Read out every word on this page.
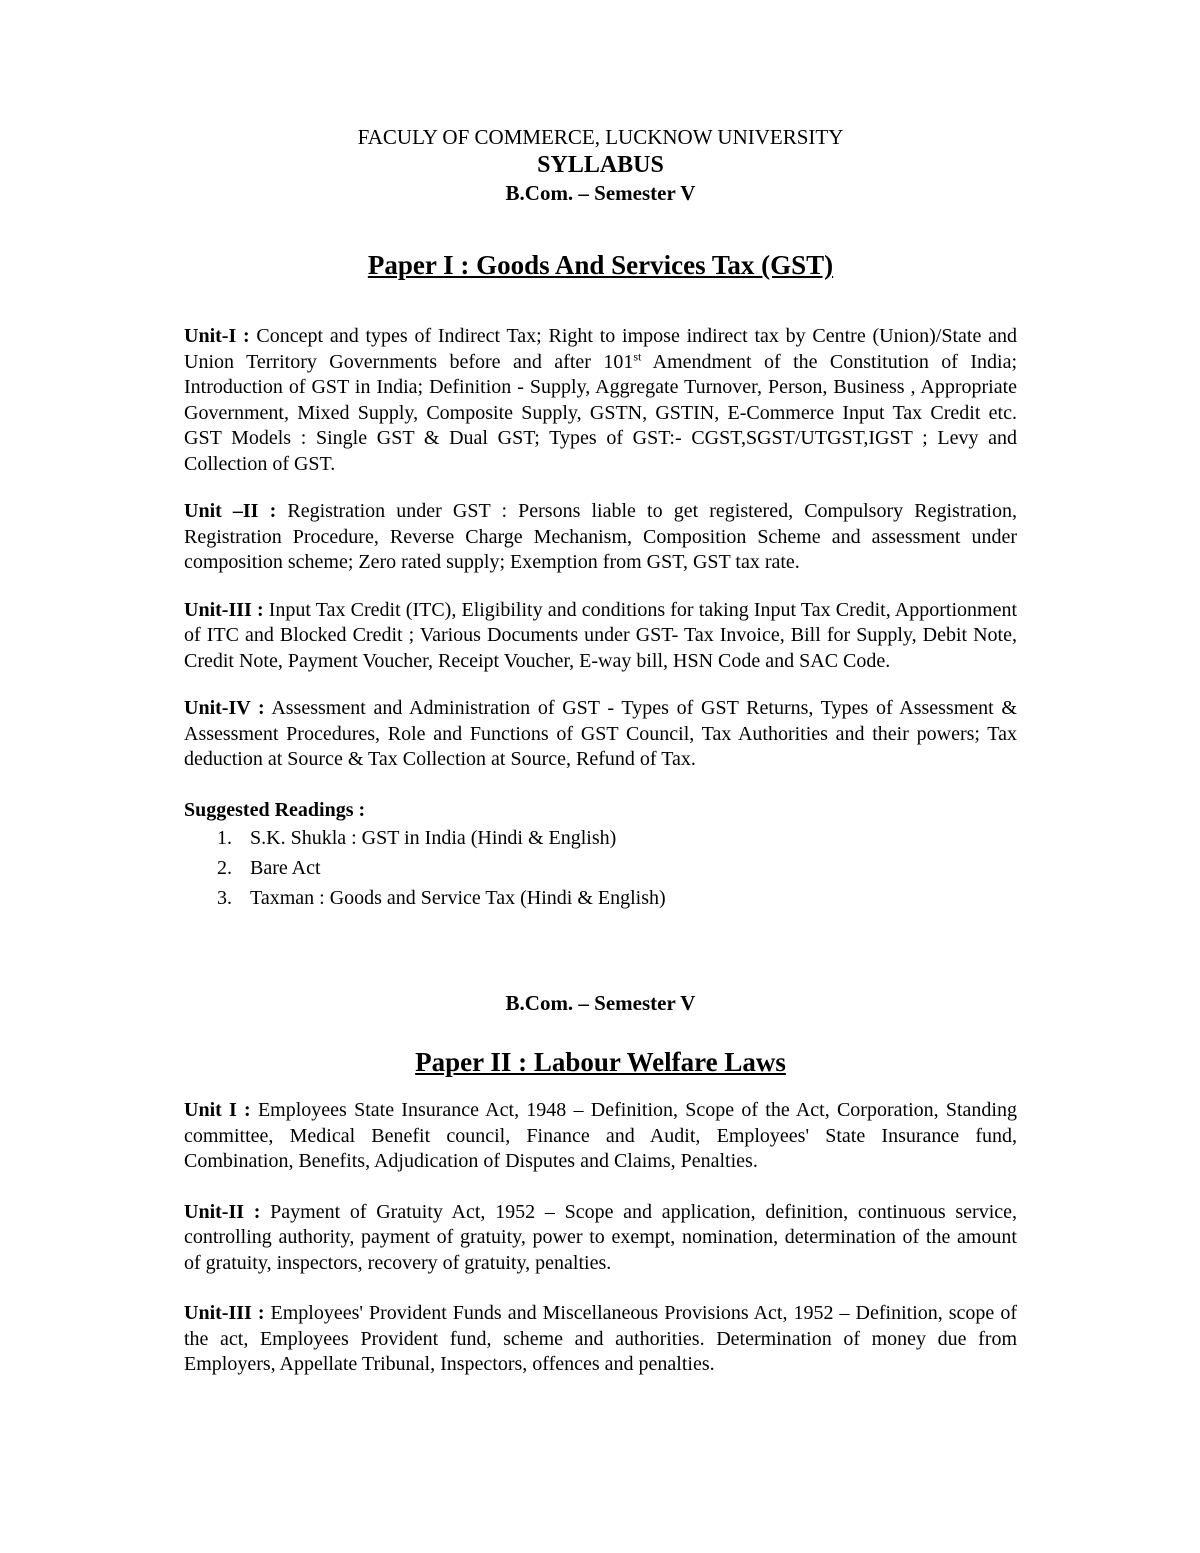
FACULY OF COMMERCE, LUCKNOW UNIVERSITY

SYLLABUS

B.Com. – Semester V

Paper I : Goods And Services Tax (GST)

Unit-I : Concept and types of Indirect Tax; Right to impose indirect tax by Centre (Union)/State and Union Territory Governments before and after 101st Amendment of the Constitution of India; Introduction of GST in India; Definition - Supply, Aggregate Turnover, Person, Business , Appropriate Government, Mixed Supply, Composite Supply, GSTN, GSTIN, E-Commerce Input Tax Credit etc. GST Models : Single GST & Dual GST; Types of GST:- CGST,SGST/UTGST,IGST ; Levy and Collection of GST.

Unit –II : Registration under GST : Persons liable to get registered, Compulsory Registration, Registration Procedure, Reverse Charge Mechanism, Composition Scheme and assessment under composition scheme; Zero rated supply; Exemption from GST, GST tax rate.

Unit-III : Input Tax Credit (ITC), Eligibility and conditions for taking Input Tax Credit, Apportionment of ITC and Blocked Credit ; Various Documents under GST- Tax Invoice, Bill for Supply, Debit Note, Credit Note, Payment Voucher, Receipt Voucher, E-way bill, HSN Code and SAC Code.

Unit-IV : Assessment and Administration of GST - Types of GST Returns, Types of Assessment & Assessment Procedures, Role and Functions of GST Council, Tax Authorities and their powers; Tax deduction at Source & Tax Collection at Source, Refund of Tax.

Suggested Readings :

1. S.K. Shukla : GST in India (Hindi & English)
2. Bare Act
3. Taxman : Goods and Service Tax (Hindi & English)

B.Com. – Semester V

Paper II : Labour Welfare Laws

Unit I : Employees State Insurance Act, 1948 – Definition, Scope of the Act, Corporation, Standing committee, Medical Benefit council, Finance and Audit, Employees' State Insurance fund, Combination, Benefits, Adjudication of Disputes and Claims, Penalties.

Unit-II : Payment of Gratuity Act, 1952 – Scope and application, definition, continuous service, controlling authority, payment of gratuity, power to exempt, nomination, determination of the amount of gratuity, inspectors, recovery of gratuity, penalties.

Unit-III : Employees' Provident Funds and Miscellaneous Provisions Act, 1952 – Definition, scope of the act, Employees Provident fund, scheme and authorities. Determination of money due from Employers, Appellate Tribunal, Inspectors, offences and penalties.
